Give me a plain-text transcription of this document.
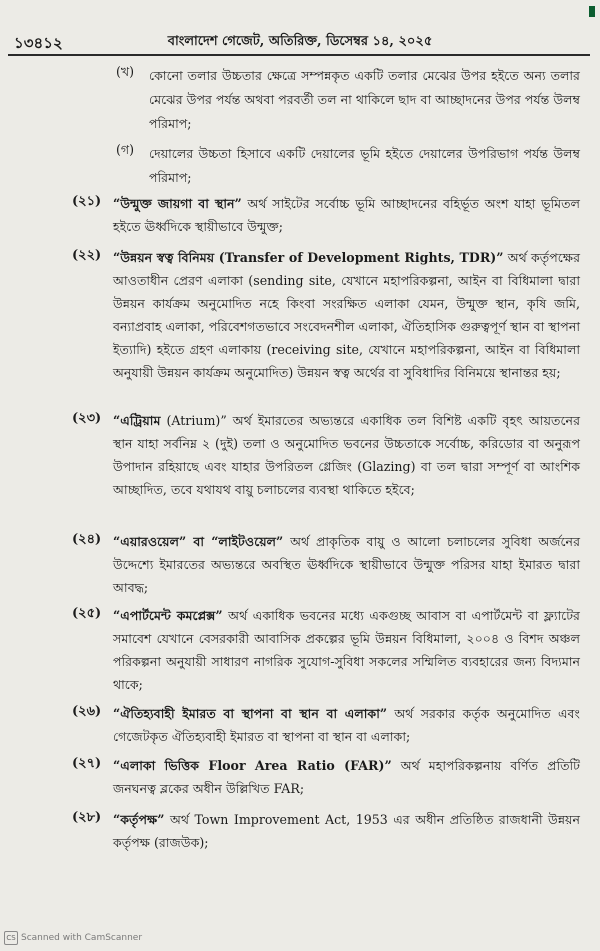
১৩৪১২	বাংলাদেশ গেজেট, অতিরিক্ত, ডিসেম্বর ১৪, ২০২৫
(খ) কোনো তলার উচ্চতার ক্ষেত্রে সম্পন্নকৃত একটি তলার মেঝের উপর হইতে অন্য তলার মেঝের উপর পর্যন্ত অথবা পরবর্তী তল না থাকিলে ছাদ বা আচ্ছাদনের উপর পর্যন্ত উলম্ব পরিমাপ;
(গ) দেয়ালের উচ্চতা হিসাবে একটি দেয়ালের ভূমি হইতে দেয়ালের উপরিভাগ পর্যন্ত উলম্ব পরিমাপ;
(২১) “উন্মুক্ত জায়গা বা স্থান” অর্থ সাইটের সর্বোচ্চ ভূমি আচ্ছাদনের বহির্ভূত অংশ যাহা ভূমিতল হইতে ঊর্ধ্বদিকে স্থায়ীভাবে উন্মুক্ত;
(২২) “উন্নয়ন স্বত্ব বিনিময় (Transfer of Development Rights, TDR)” অর্থ কর্তৃপক্ষের আওতাধীন প্রেরণ এলাকা (sending site, যেখানে মহাপরিকল্পনা, আইন বা বিধিমালা দ্বারা উন্নয়ন কার্যক্রম অনুমোদিত নহে কিংবা সংরক্ষিত এলাকা যেমন, উন্মুক্ত স্থান, কৃষি জমি, বন্যাপ্রবাহ এলাকা, পরিবেশগতভাবে সংবেদনশীল এলাকা, ঐতিহাসিক গুরুত্বপূর্ণ স্থান বা স্থাপনা ইত্যাদি) হইতে গ্রহণ এলাকায় (receiving site, যেখানে মহাপরিকল্পনা, আইন বা বিধিমালা অনুযায়ী উন্নয়ন কার্যক্রম অনুমোদিত) উন্নয়ন স্বত্ব অর্থের বা সুবিধাদির বিনিময়ে স্থানান্তর হয়;
(২৩) “এট্রিয়াম (Atrium)” অর্থ ইমারতের অভ্যন্তরে একাধিক তল বিশিষ্ট একটি বৃহৎ আয়তনের স্থান যাহা সর্বনিম্ন ২ (দুই) তলা ও অনুমোদিত ভবনের উচ্চতাকে সর্বোচ্চ, করিডোর বা অনুরূপ উপাদান রহিয়াছে এবং যাহার উপরিতল গ্লেজিং (Glazing) বা তল দ্বারা সম্পূর্ণ বা আংশিক আচ্ছাদিত, তবে যথাযথ বায়ু চলাচলের ব্যবস্থা থাকিতে হইবে;
(২৪) “এয়ারওয়েল” বা “লাইটওয়েল” অর্থ প্রাকৃতিক বায়ু ও আলো চলাচলের সুবিধা অর্জনের উদ্দেশ্যে ইমারতের অভ্যন্তরে অবস্থিত ঊর্ধ্বদিকে স্থায়ীভাবে উন্মুক্ত পরিসর যাহা ইমারত দ্বারা আবদ্ধ;
(২৫) “এপার্টমেন্ট কমপ্লেক্স” অর্থ একাধিক ভবনের মধ্যে একগুচ্ছ আবাস বা এপার্টমেন্ট বা ফ্ল্যাটের সমাবেশ যেখানে বেসরকারী আবাসিক প্রকল্পের ভূমি উন্নয়ন বিধিমালা, ২০০৪ ও বিশদ অঞ্চল পরিকল্পনা অনুযায়ী সাধারণ নাগরিক সুযোগ-সুবিধা সকলের সম্মিলিত ব্যবহারের জন্য বিদ্যমান থাকে;
(২৬) “ঐতিহ্যবাহী ইমারত বা স্থাপনা বা স্থান বা এলাকা” অর্থ সরকার কর্তৃক অনুমোদিত এবং গেজেটকৃত ঐতিহ্যবাহী ইমারত বা স্থাপনা বা স্থান বা এলাকা;
(২৭) “এলাকা ভিত্তিক Floor Area Ratio (FAR)” অর্থ মহাপরিকল্পনায় বর্ণিত প্রতিটি জনঘনত্ব ব্লকের অধীন উল্লিখিত FAR;
(২৮) “কর্তৃপক্ষ” অর্থ Town Improvement Act, 1953 এর অধীন প্রতিষ্ঠিত রাজধানী উন্নয়ন কর্তৃপক্ষ (রাজউক);
CS Scanned with CamScanner
